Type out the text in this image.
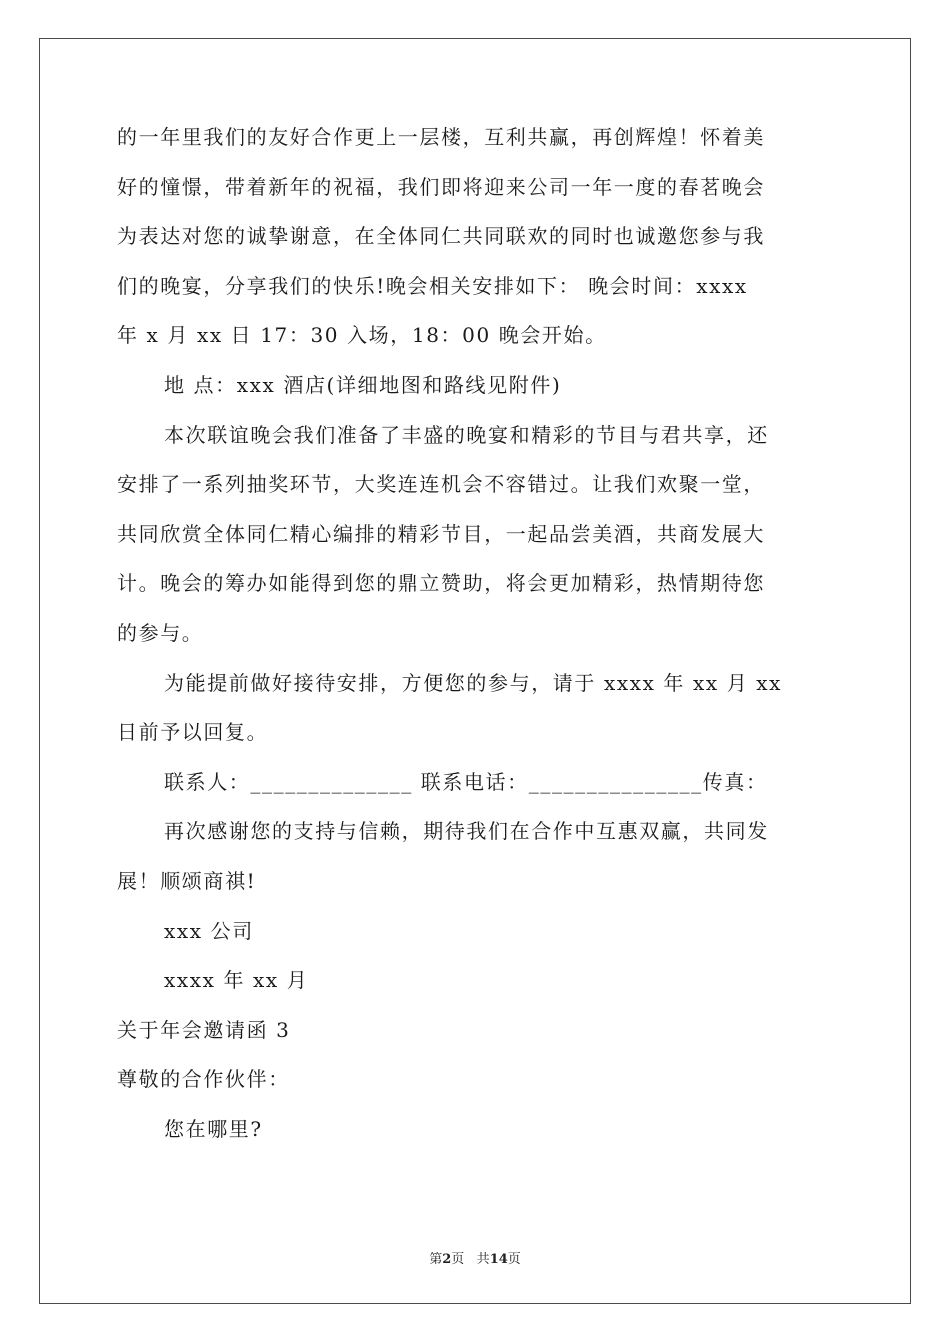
的一年里我们的友好合作更上一层楼，互利共赢，再创辉煌！怀着美
好的憧憬，带着新年的祝福，我们即将迎来公司一年一度的春茗晚会
为表达对您的诚挚谢意，在全体同仁共同联欢的同时也诚邀您参与我
们的晚宴，分享我们的快乐!晚会相关安排如下： 晚会时间：xxxx
年 x 月 xx 日 17：30 入场，18：00 晚会开始。
地 点：xxx 酒店(详细地图和路线见附件)
本次联谊晚会我们准备了丰盛的晚宴和精彩的节目与君共享，还
安排了一系列抽奖环节，大奖连连机会不容错过。让我们欢聚一堂，
共同欣赏全体同仁精心编排的精彩节目，一起品尝美酒，共商发展大
计。晚会的筹办如能得到您的鼎立赞助，将会更加精彩，热情期待您
的参与。
为能提前做好接待安排，方便您的参与，请于 xxxx 年 xx 月 xx
日前予以回复。
联系人：______________ 联系电话：_______________传真：
再次感谢您的支持与信赖，期待我们在合作中互惠双赢，共同发
展！顺颂商祺!
xxx 公司
xxxx 年 xx 月
关于年会邀请函 3
尊敬的合作伙伴：
您在哪里?
第2页 共14页
